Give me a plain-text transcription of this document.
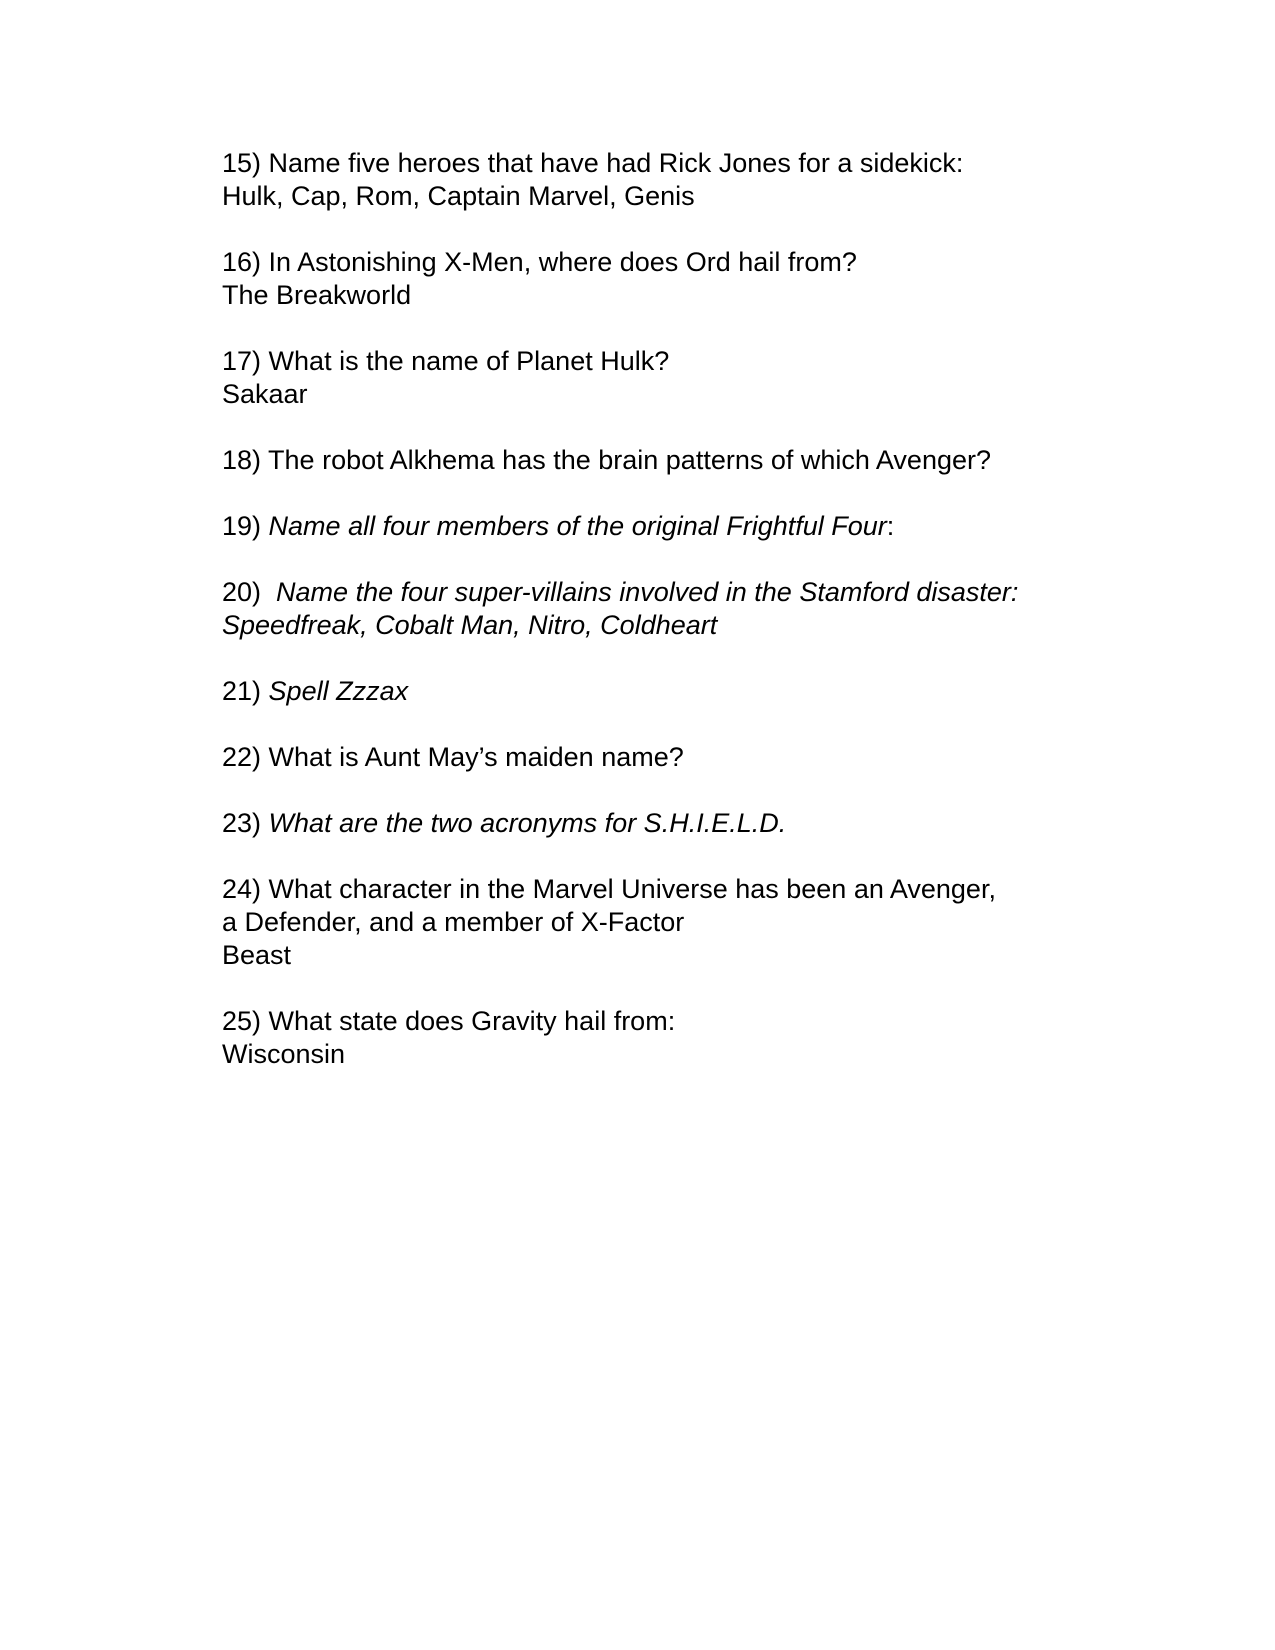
15) Name five heroes that have had Rick Jones for a sidekick:
Hulk, Cap, Rom, Captain Marvel, Genis
16) In Astonishing X-Men, where does Ord hail from?
The Breakworld
17) What is the name of Planet Hulk?
Sakaar
18) The robot Alkhema has the brain patterns of which Avenger?
19) Name all four members of the original Frightful Four:
20) Name the four super-villains involved in the Stamford disaster:
Speedfreak, Cobalt Man, Nitro, Coldheart
21) Spell Zzzax
22) What is Aunt May’s maiden name?
23) What are the two acronyms for S.H.I.E.L.D.
24) What character in the Marvel Universe has been an Avenger,
a Defender, and a member of X-Factor
Beast
25) What state does Gravity hail from:
Wisconsin
